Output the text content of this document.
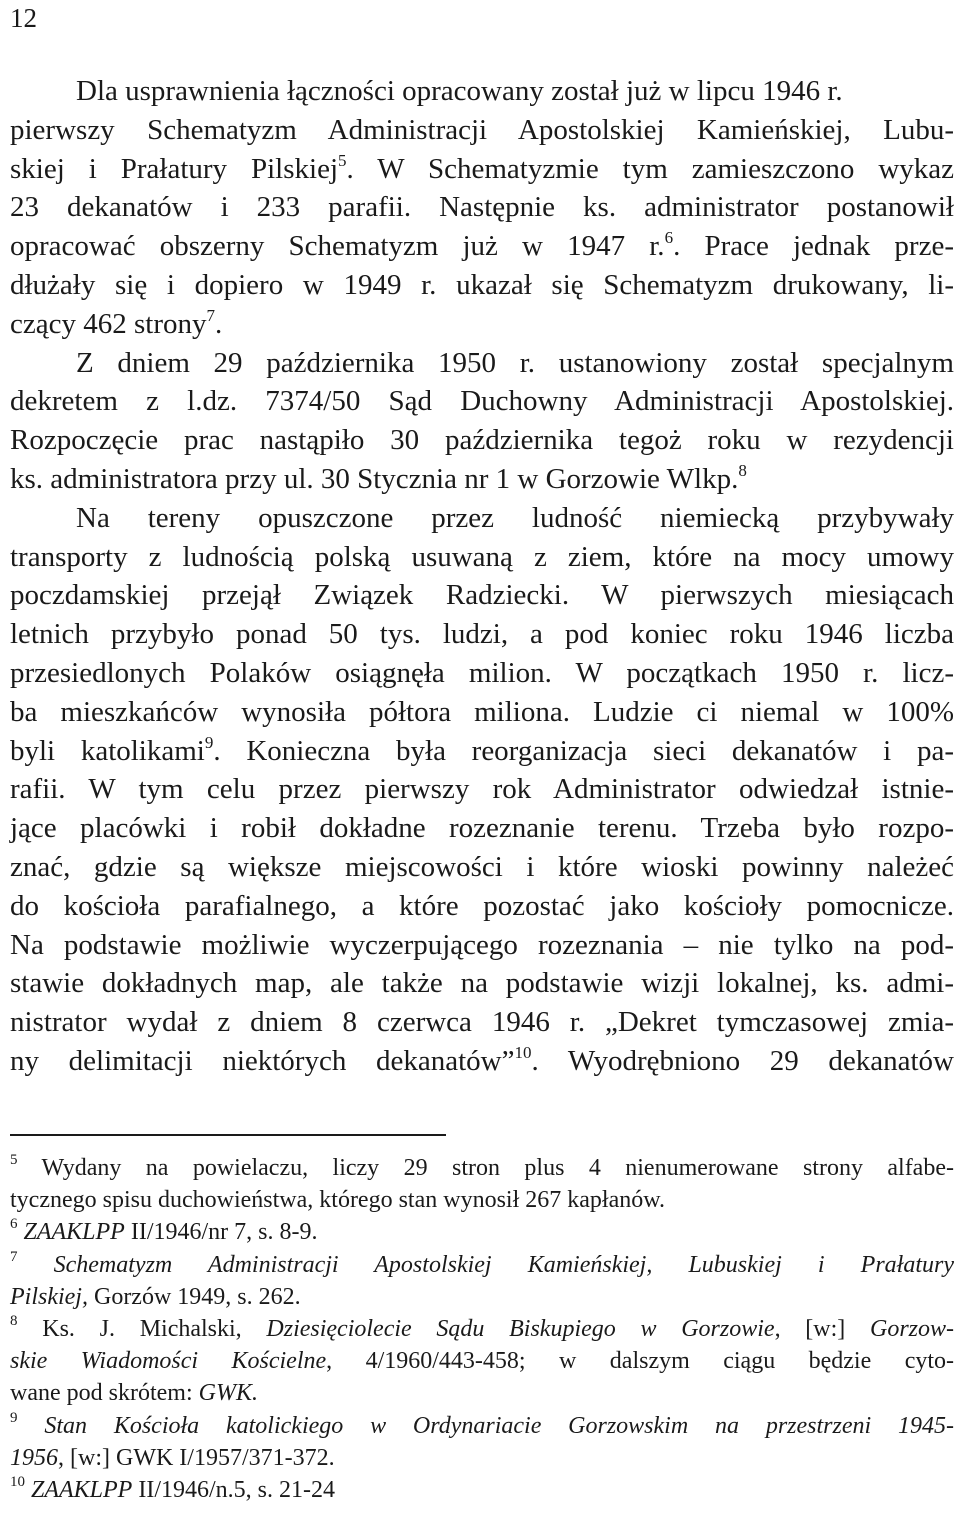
12
Dla usprawnienia łączności opracowany został już w lipcu 1946 r.
pierwszy Schematyzm Administracji Apostolskiej Kamieńskiej, Lubu-
skiej i Prałatury Pilskiej$^5$. W Schematyzmie tym zamieszczono wykaz
23 dekanatów i 233 parafii. Następnie ks. administrator postanowił
opracować obszerny Schematyzm już w 1947 r.$^6$. Prace jednak prze-
dłużały się i dopiero w 1949 r. ukazał się Schematyzm drukowany, li-
czący 462 strony$^7$.
Z dniem 29 października 1950 r. ustanowiony został specjalnym
dekretem z l.dz. 7374/50 Sąd Duchowny Administracji Apostolskiej.
Rozpoczęcie prac nastąpiło 30 października tegoż roku w rezydencji
ks. administratora przy ul. 30 Stycznia nr 1 w Gorzowie Wlkp.$^8$
Na tereny opuszczone przez ludność niemiecką przybywały
transporty z ludnością polską usuwaną z ziem, które na mocy umowy
poczdamskiej przejął Związek Radziecki. W pierwszych miesiącach
letnich przybyło ponad 50 tys. ludzi, a pod koniec roku 1946 liczba
przesiedlonych Polaków osiągnęła milion. W początkach 1950 r. licz-
ba mieszkańców wynosiła półtora miliona. Ludzie ci niemal w 100%
byli katolikami$^9$. Konieczna była reorganizacja sieci dekanatów i pa-
rafii. W tym celu przez pierwszy rok Administrator odwiedzał istnie-
jące placówki i robił dokładne rozeznanie terenu. Trzeba było rozpo-
znać, gdzie są większe miejscowości i które wioski powinny należeć
do kościoła parafialnego, a które pozostać jako kościoły pomocnicze.
Na podstawie możliwie wyczerpującego rozeznania – nie tylko na pod-
stawie dokładnych map, ale także na podstawie wizji lokalnej, ks. admi-
nistrator wydał z dniem 8 czerwca 1946 r. „Dekret tymczasowej zmia-
ny delimitacji niektórych dekanatów”$^{10}$. Wyodrębniono 29 dekanatów
$^5$ Wydany na powielaczu, liczy 29 stron plus 4 nienumerowane strony alfabe-
tycznego spisu duchowieństwa, którego stan wynosił 267 kapłanów.
$^6$ ZAAKLPP II/1946/nr 7, s. 8-9.
$^7$ Schematyzm Administracji Apostolskiej Kamieńskiej, Lubuskiej i Prałatury
Pilskiej, Gorzów 1949, s. 262.
$^8$ Ks. J. Michalski, Dziesięciolecie Sądu Biskupiego w Gorzowie, [w:] Gorzow-
skie Wiadomości Kościelne, 4/1960/443-458; w dalszym ciągu będzie cyto-
wane pod skrótem: GWK.
$^9$ Stan Kościoła katolickiego w Ordynariacie Gorzowskim na przestrzeni 1945-
1956, [w:] GWK I/1957/371-372.
$^{10}$ ZAAKLPP II/1946/n.5, s. 21-24
